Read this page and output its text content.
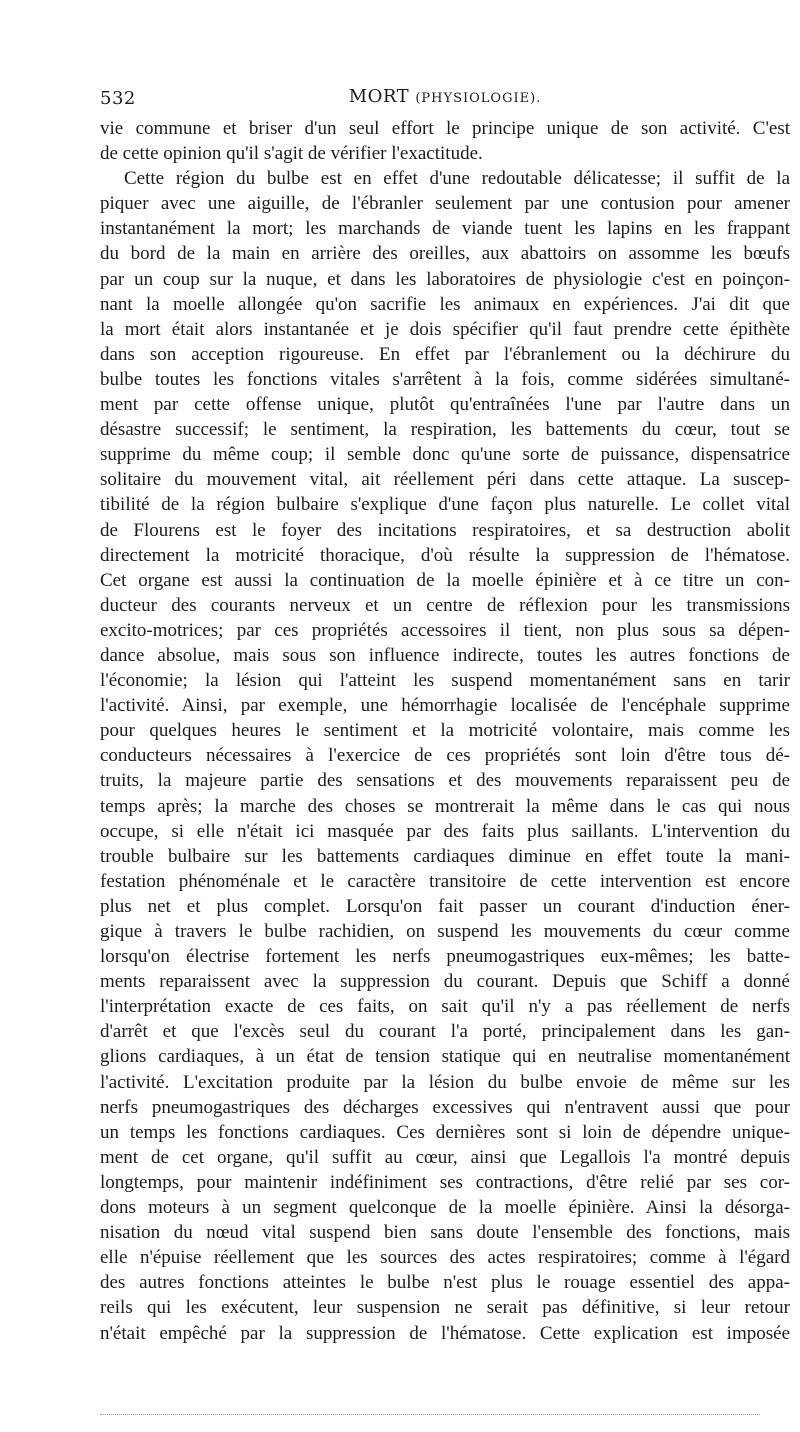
532	MORT (PHYSIOLOGIE).
vie commune et briser d'un seul effort le principe unique de son activité. C'est
de cette opinion qu'il s'agit de vérifier l'exactitude.
Cette région du bulbe est en effet d'une redoutable délicatesse; il suffit de la
piquer avec une aiguille, de l'ébranler seulement par une contusion pour amener
instantanément la mort; les marchands de viande tuent les lapins en les frappant
du bord de la main en arrière des oreilles, aux abattoirs on assomme les bœufs
par un coup sur la nuque, et dans les laboratoires de physiologie c'est en poinçon-
nant la moelle allongée qu'on sacrifie les animaux en expériences. J'ai dit que
la mort était alors instantanée et je dois spécifier qu'il faut prendre cette épithète
dans son acception rigoureuse. En effet par l'ébranlement ou la déchirure du
bulbe toutes les fonctions vitales s'arrêtent à la fois, comme sidérées simultané-
ment par cette offense unique, plutôt qu'entraînées l'une par l'autre dans un
désastre successif; le sentiment, la respiration, les battements du cœur, tout se
supprime du même coup; il semble donc qu'une sorte de puissance, dispensatrice
solitaire du mouvement vital, ait réellement péri dans cette attaque. La suscep-
tibilité de la région bulbaire s'explique d'une façon plus naturelle. Le collet vital
de Flourens est le foyer des incitations respiratoires, et sa destruction abolit
directement la motricité thoracique, d'où résulte la suppression de l'hématose.
Cet organe est aussi la continuation de la moelle épinière et à ce titre un con-
ducteur des courants nerveux et un centre de réflexion pour les transmissions
excito-motrices; par ces propriétés accessoires il tient, non plus sous sa dépen-
dance absolue, mais sous son influence indirecte, toutes les autres fonctions de
l'économie; la lésion qui l'atteint les suspend momentanément sans en tarir
l'activité. Ainsi, par exemple, une hémorrhagie localisée de l'encéphale supprime
pour quelques heures le sentiment et la motricité volontaire, mais comme les
conducteurs nécessaires à l'exercice de ces propriétés sont loin d'être tous dé-
truits, la majeure partie des sensations et des mouvements reparaissent peu de
temps après; la marche des choses se montrerait la même dans le cas qui nous
occupe, si elle n'était ici masquée par des faits plus saillants. L'intervention du
trouble bulbaire sur les battements cardiaques diminue en effet toute la mani-
festation phénoménale et le caractère transitoire de cette intervention est encore
plus net et plus complet. Lorsqu'on fait passer un courant d'induction éner-
gique à travers le bulbe rachidien, on suspend les mouvements du cœur comme
lorsqu'on électrise fortement les nerfs pneumogastriques eux-mêmes; les batte-
ments reparaissent avec la suppression du courant. Depuis que Schiff a donné
l'interprétation exacte de ces faits, on sait qu'il n'y a pas réellement de nerfs
d'arrêt et que l'excès seul du courant l'a porté, principalement dans les gan-
glions cardiaques, à un état de tension statique qui en neutralise momentanément
l'activité. L'excitation produite par la lésion du bulbe envoie de même sur les
nerfs pneumogastriques des décharges excessives qui n'entravent aussi que pour
un temps les fonctions cardiaques. Ces dernières sont si loin de dépendre unique-
ment de cet organe, qu'il suffit au cœur, ainsi que Legallois l'a montré depuis
longtemps, pour maintenir indéfiniment ses contractions, d'être relié par ses cor-
dons moteurs à un segment quelconque de la moelle épinière. Ainsi la désorga-
nisation du nœud vital suspend bien sans doute l'ensemble des fonctions, mais
elle n'épuise réellement que les sources des actes respiratoires; comme à l'égard
des autres fonctions atteintes le bulbe n'est plus le rouage essentiel des appa-
reils qui les exécutent, leur suspension ne serait pas définitive, si leur retour
n'était empêché par la suppression de l'hématose. Cette explication est imposée
